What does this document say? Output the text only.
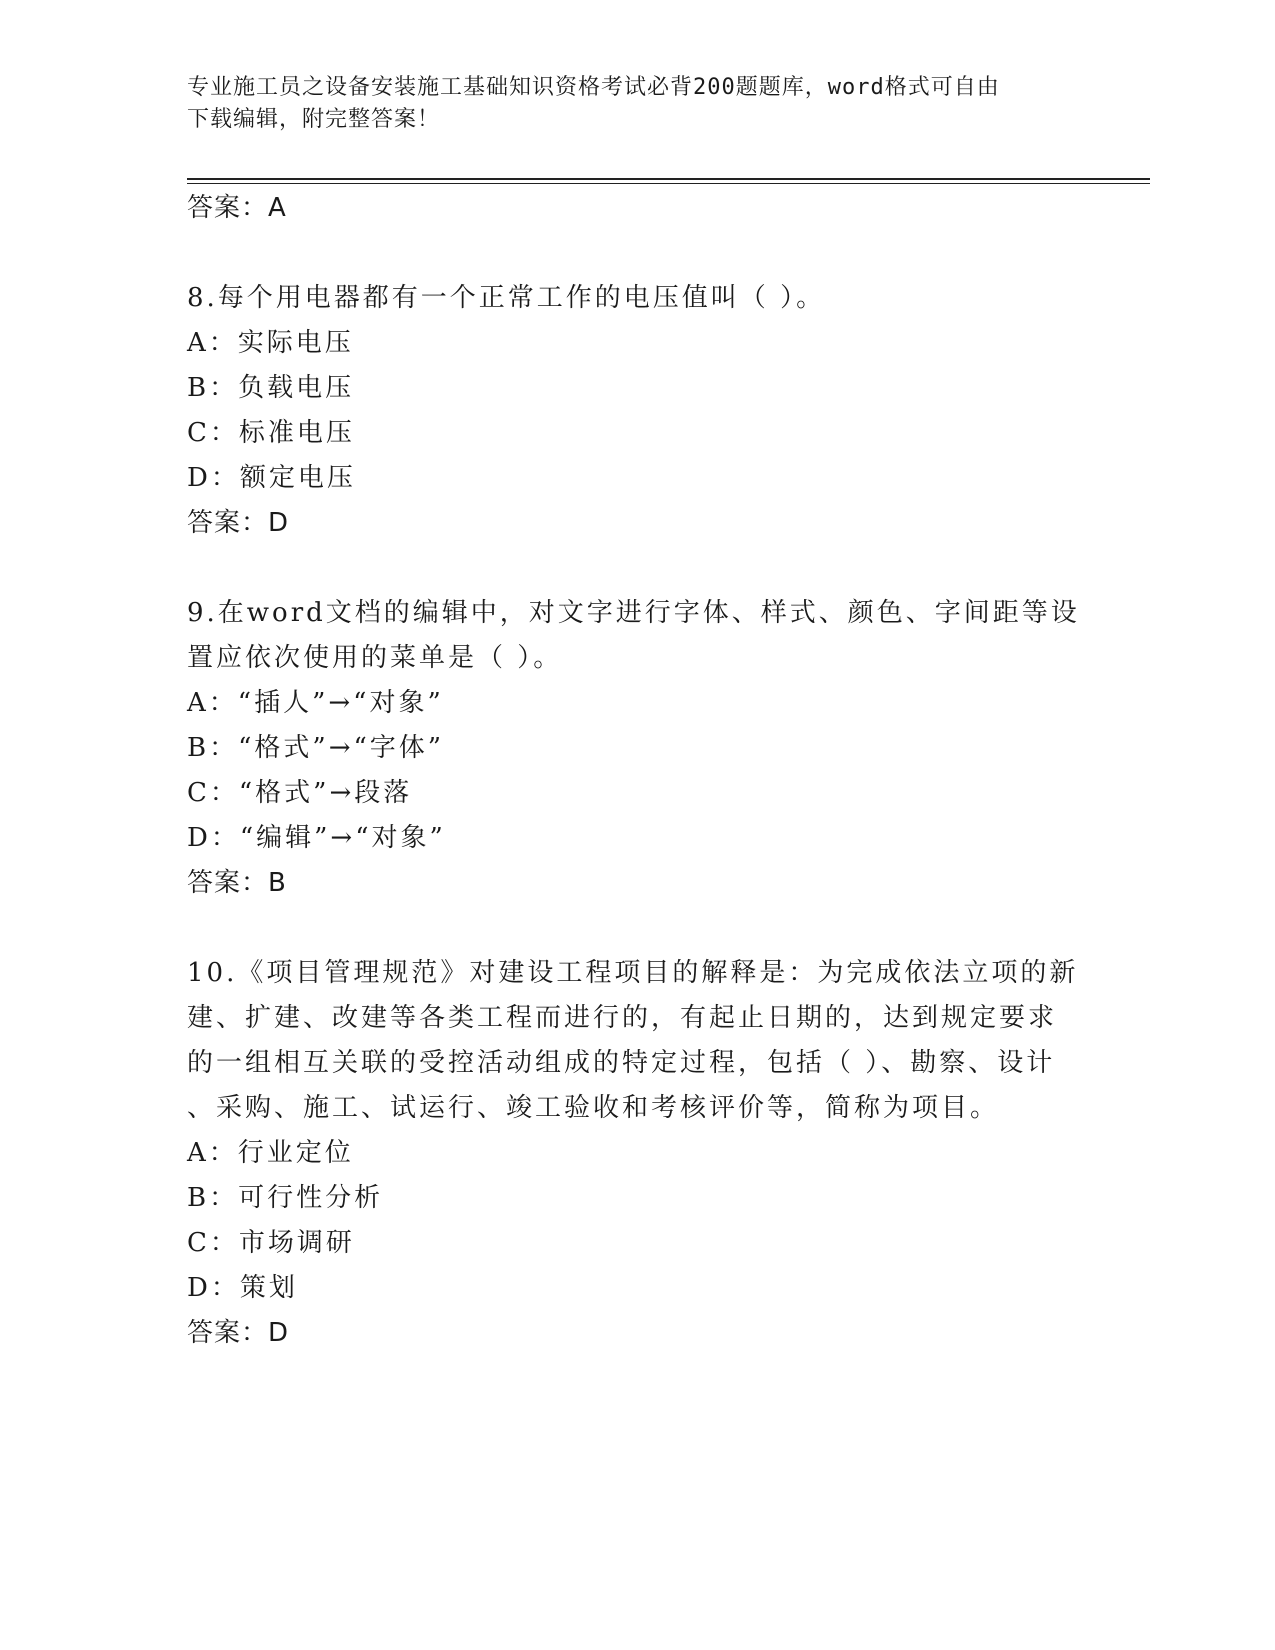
专业施工员之设备安装施工基础知识资格考试必背200题题库，word格式可自由
下载编辑，附完整答案！
答案：A
8.每个用电器都有一个正常工作的电压值叫（ ）。
A：实际电压
B：负载电压
C：标准电压
D：额定电压
答案：D
9.在word文档的编辑中，对文字进行字体、样式、颜色、字间距等设
置应依次使用的菜单是（ ）。
A：“插人”→“对象”
B：“格式”→“字体”
C：“格式”→段落
D：“编辑”→“对象”
答案：B
10.《项目管理规范》对建设工程项目的解释是：为完成依法立项的新
建、扩建、改建等各类工程而进行的，有起止日期的，达到规定要求
的一组相互关联的受控活动组成的特定过程，包括（ ）、勘察、设计
、采购、施工、试运行、竣工验收和考核评价等，简称为项目。
A：行业定位
B：可行性分析
C：市场调研
D：策划
答案：D
